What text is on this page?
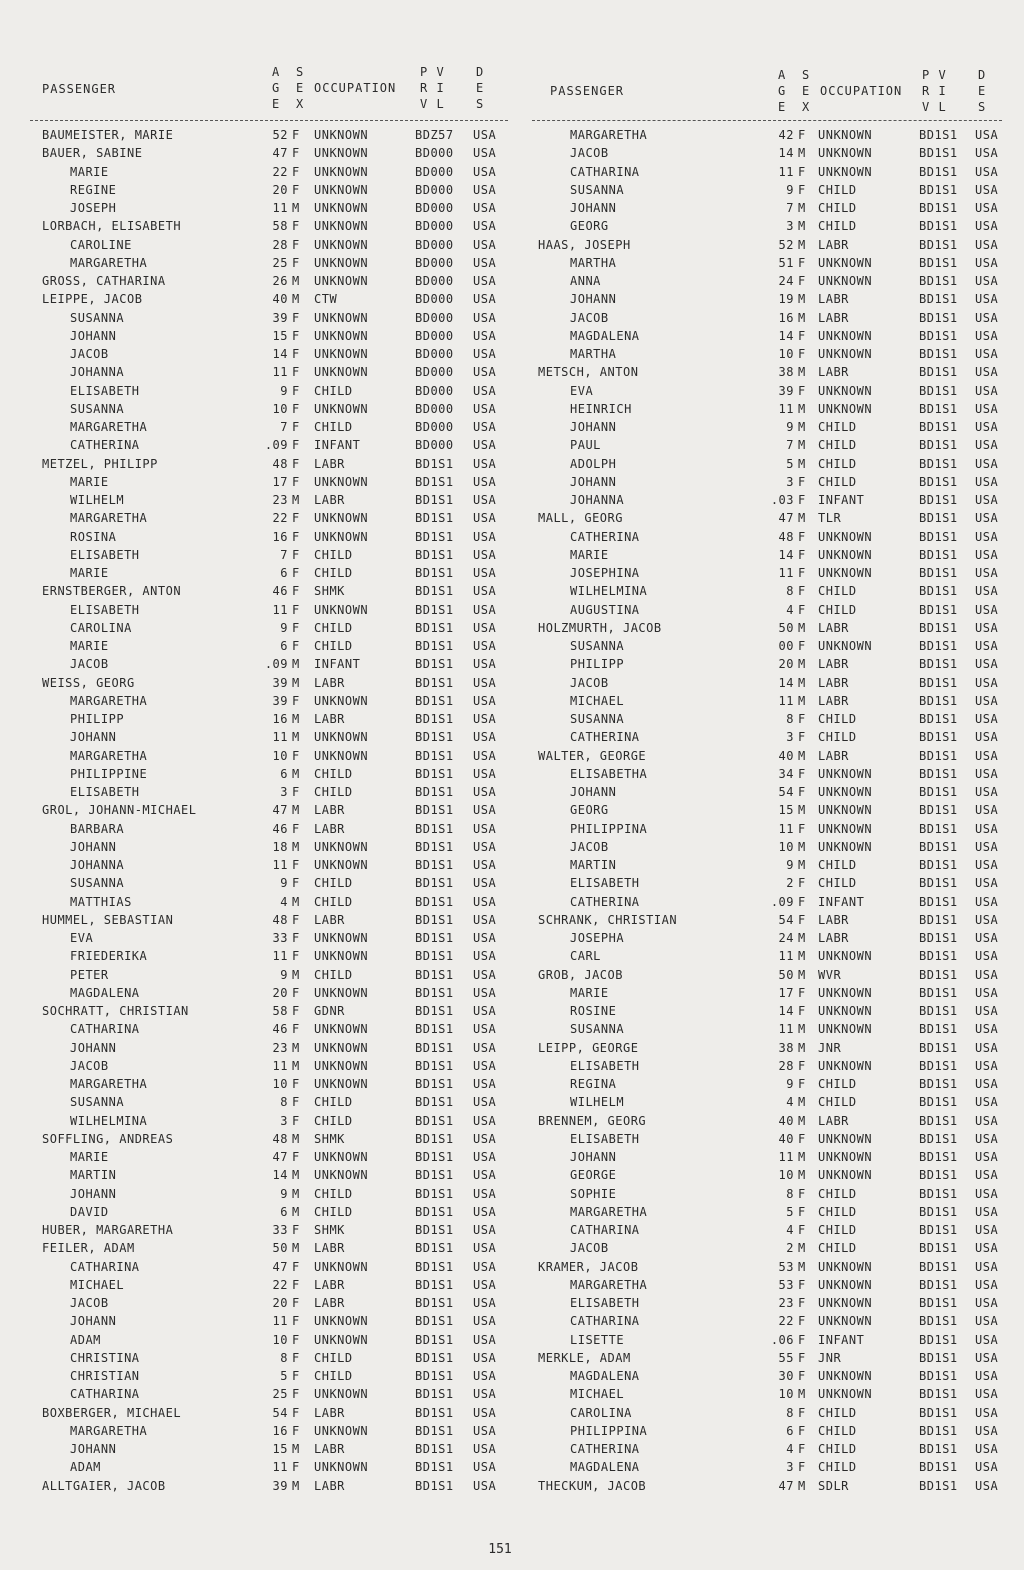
PASSENGER
A
G
E
S
E
X
OCCUPATION
P V
R I
V L
D
E
S
BAUMEISTER, MARIE	52 F UNKNOWN	BDZ57 USA
BAUER, SABINE	47 F UNKNOWN	BD000 USA
MARIE	22 F UNKNOWN	BD000 USA
REGINE	20 F UNKNOWN	BD000 USA
JOSEPH	11 M UNKNOWN	BD000 USA
LORBACH, ELISABETH	58 F UNKNOWN	BD000 USA
CAROLINE	28 F UNKNOWN	BD000 USA
MARGARETHA	25 F UNKNOWN	BD000 USA
GROSS, CATHARINA	26 M UNKNOWN	BD000 USA
LEIPPE, JACOB	40 M CTW	BD000 USA
SUSANNA	39 F UNKNOWN	BD000 USA
JOHANN	15 F UNKNOWN	BD000 USA
JACOB	14 F UNKNOWN	BD000 USA
JOHANNA	11 F UNKNOWN	BD000 USA
ELISABETH	9 F CHILD	BD000 USA
SUSANNA	10 F UNKNOWN	BD000 USA
MARGARETHA	7 F CHILD	BD000 USA
CATHERINA	.09 F INFANT	BD000 USA
METZEL, PHILIPP	48 F LABR	BD1S1 USA
MARIE	17 F UNKNOWN	BD1S1 USA
WILHELM	23 M LABR	BD1S1 USA
MARGARETHA	22 F UNKNOWN	BD1S1 USA
ROSINA	16 F UNKNOWN	BD1S1 USA
ELISABETH	7 F CHILD	BD1S1 USA
MARIE	6 F CHILD	BD1S1 USA
ERNSTBERGER, ANTON	46 F SHMK	BD1S1 USA
ELISABETH	11 F UNKNOWN	BD1S1 USA
CAROLINA	9 F CHILD	BD1S1 USA
MARIE	6 F CHILD	BD1S1 USA
JACOB	.09 M INFANT	BD1S1 USA
WEISS, GEORG	39 M LABR	BD1S1 USA
MARGARETHA	39 F UNKNOWN	BD1S1 USA
PHILIPP	16 M LABR	BD1S1 USA
JOHANN	11 M UNKNOWN	BD1S1 USA
MARGARETHA	10 F UNKNOWN	BD1S1 USA
PHILIPPINE	6 M CHILD	BD1S1 USA
ELISABETH	3 F CHILD	BD1S1 USA
GROL, JOHANN-MICHAEL	47 M LABR	BD1S1 USA
BARBARA	46 F LABR	BD1S1 USA
JOHANN	18 M UNKNOWN	BD1S1 USA
JOHANNA	11 F UNKNOWN	BD1S1 USA
SUSANNA	9 F CHILD	BD1S1 USA
MATTHIAS	4 M CHILD	BD1S1 USA
HUMMEL, SEBASTIAN	48 F LABR	BD1S1 USA
EVA	33 F UNKNOWN	BD1S1 USA
FRIEDERIKA	11 F UNKNOWN	BD1S1 USA
PETER	9 M CHILD	BD1S1 USA
MAGDALENA	20 F UNKNOWN	BD1S1 USA
SOCHRATT, CHRISTIAN	58 F GDNR	BD1S1 USA
CATHARINA	46 F UNKNOWN	BD1S1 USA
JOHANN	23 M UNKNOWN	BD1S1 USA
JACOB	11 M UNKNOWN	BD1S1 USA
MARGARETHA	10 F UNKNOWN	BD1S1 USA
SUSANNA	8 F CHILD	BD1S1 USA
WILHELMINA	3 F CHILD	BD1S1 USA
SOFFLING, ANDREAS	48 M SHMK	BD1S1 USA
MARIE	47 F UNKNOWN	BD1S1 USA
MARTIN	14 M UNKNOWN	BD1S1 USA
JOHANN	9 M CHILD	BD1S1 USA
DAVID	6 M CHILD	BD1S1 USA
HUBER, MARGARETHA	33 F SHMK	BD1S1 USA
FEILER, ADAM	50 M LABR	BD1S1 USA
CATHARINA	47 F UNKNOWN	BD1S1 USA
MICHAEL	22 F LABR	BD1S1 USA
JACOB	20 F LABR	BD1S1 USA
JOHANN	11 F UNKNOWN	BD1S1 USA
ADAM	10 F UNKNOWN	BD1S1 USA
CHRISTINA	8 F CHILD	BD1S1 USA
CHRISTIAN	5 F CHILD	BD1S1 USA
CATHARINA	25 F UNKNOWN	BD1S1 USA
BOXBERGER, MICHAEL	54 F LABR	BD1S1 USA
MARGARETHA	16 F UNKNOWN	BD1S1 USA
JOHANN	15 M LABR	BD1S1 USA
ADAM	11 F UNKNOWN	BD1S1 USA
ALLTGAIER, JACOB	39 M LABR	BD1S1 USA
PASSENGER
A
G
E
S
E
X
OCCUPATION
P V
R I
V L
D
E
S
MARGARETHA	42 F UNKNOWN	BD1S1 USA
JACOB	14 M UNKNOWN	BD1S1 USA
CATHARINA	11 F UNKNOWN	BD1S1 USA
SUSANNA	9 F CHILD	BD1S1 USA
JOHANN	7 M CHILD	BD1S1 USA
GEORG	3 M CHILD	BD1S1 USA
HAAS, JOSEPH	52 M LABR	BD1S1 USA
MARTHA	51 F UNKNOWN	BD1S1 USA
ANNA	24 F UNKNOWN	BD1S1 USA
JOHANN	19 M LABR	BD1S1 USA
JACOB	16 M LABR	BD1S1 USA
MAGDALENA	14 F UNKNOWN	BD1S1 USA
MARTHA	10 F UNKNOWN	BD1S1 USA
METSCH, ANTON	38 M LABR	BD1S1 USA
EVA	39 F UNKNOWN	BD1S1 USA
HEINRICH	11 M UNKNOWN	BD1S1 USA
JOHANN	9 M CHILD	BD1S1 USA
PAUL	7 M CHILD	BD1S1 USA
ADOLPH	5 M CHILD	BD1S1 USA
JOHANN	3 F CHILD	BD1S1 USA
JOHANNA	.03 F INFANT	BD1S1 USA
MALL, GEORG	47 M TLR	BD1S1 USA
CATHERINA	48 F UNKNOWN	BD1S1 USA
MARIE	14 F UNKNOWN	BD1S1 USA
JOSEPHINA	11 F UNKNOWN	BD1S1 USA
WILHELMINA	8 F CHILD	BD1S1 USA
AUGUSTINA	4 F CHILD	BD1S1 USA
HOLZMURTH, JACOB	50 M LABR	BD1S1 USA
SUSANNA	00 F UNKNOWN	BD1S1 USA
PHILIPP	20 M LABR	BD1S1 USA
JACOB	14 M LABR	BD1S1 USA
MICHAEL	11 M LABR	BD1S1 USA
SUSANNA	8 F CHILD	BD1S1 USA
CATHERINA	3 F CHILD	BD1S1 USA
WALTER, GEORGE	40 M LABR	BD1S1 USA
ELISABETHA	34 F UNKNOWN	BD1S1 USA
JOHANN	54 F UNKNOWN	BD1S1 USA
GEORG	15 M UNKNOWN	BD1S1 USA
PHILIPPINA	11 F UNKNOWN	BD1S1 USA
JACOB	10 M UNKNOWN	BD1S1 USA
MARTIN	9 M CHILD	BD1S1 USA
ELISABETH	2 F CHILD	BD1S1 USA
CATHERINA	.09 F INFANT	BD1S1 USA
SCHRANK, CHRISTIAN	54 F LABR	BD1S1 USA
JOSEPHA	24 M LABR	BD1S1 USA
CARL	11 M UNKNOWN	BD1S1 USA
GROB, JACOB	50 M WVR	BD1S1 USA
MARIE	17 F UNKNOWN	BD1S1 USA
ROSINE	14 F UNKNOWN	BD1S1 USA
SUSANNA	11 M UNKNOWN	BD1S1 USA
LEIPP, GEORGE	38 M JNR	BD1S1 USA
ELISABETH	28 F UNKNOWN	BD1S1 USA
REGINA	9 F CHILD	BD1S1 USA
WILHELM	4 M CHILD	BD1S1 USA
BRENNEM, GEORG	40 M LABR	BD1S1 USA
ELISABETH	40 F UNKNOWN	BD1S1 USA
JOHANN	11 M UNKNOWN	BD1S1 USA
GEORGE	10 M UNKNOWN	BD1S1 USA
SOPHIE	8 F CHILD	BD1S1 USA
MARGARETHA	5 F CHILD	BD1S1 USA
CATHARINA	4 F CHILD	BD1S1 USA
JACOB	2 M CHILD	BD1S1 USA
KRAMER, JACOB	53 M UNKNOWN	BD1S1 USA
MARGARETHA	53 F UNKNOWN	BD1S1 USA
ELISABETH	23 F UNKNOWN	BD1S1 USA
CATHARINA	22 F UNKNOWN	BD1S1 USA
LISETTE	.06 F INFANT	BD1S1 USA
MERKLE, ADAM	55 F JNR	BD1S1 USA
MAGDALENA	30 F UNKNOWN	BD1S1 USA
MICHAEL	10 M UNKNOWN	BD1S1 USA
CAROLINA	8 F CHILD	BD1S1 USA
PHILIPPINA	6 F CHILD	BD1S1 USA
CATHERINA	4 F CHILD	BD1S1 USA
MAGDALENA	3 F CHILD	BD1S1 USA
THECKUM, JACOB	47 M SDLR	BD1S1 USA
151
